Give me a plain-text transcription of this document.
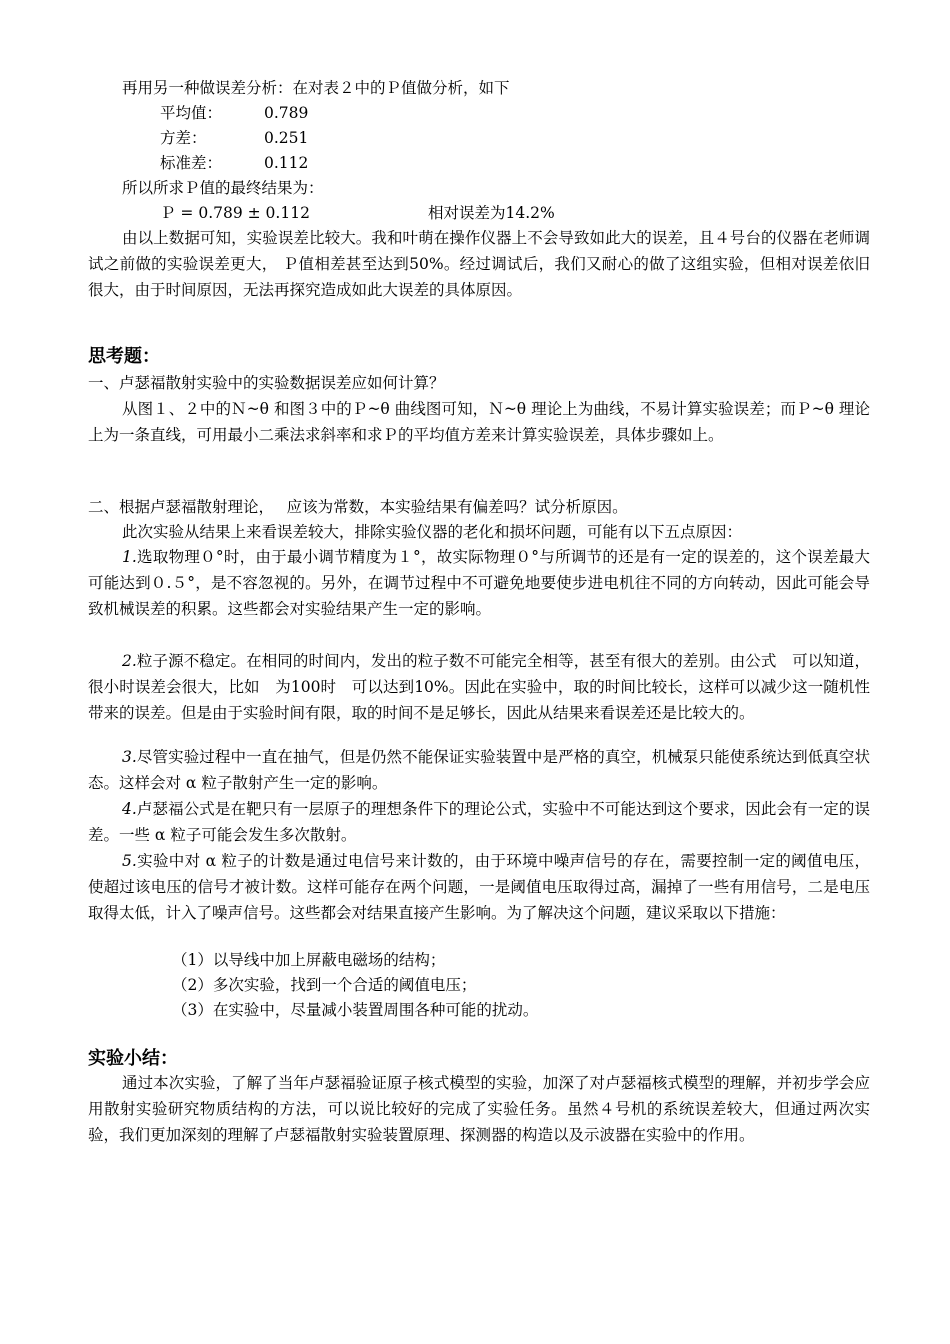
再用另一种做误差分析：在对表２中的Ｐ值做分析，如下
平均值：	0.789
方差：	0.251
标准差：	0.112
所以所求Ｐ值的最终结果为：
Ｐ = 0.789 ± 0.112	相对误差为14.2%
由以上数据可知，实验误差比较大。我和叶萌在操作仪器上不会导致如此大的误差，且４号台的仪器在老师调试之前做的实验误差更大， Ｐ值相差甚至达到50%。经过调试后，我们又耐心的做了这组实验，但相对误差依旧很大，由于时间原因，无法再探究造成如此大误差的具体原因。
思考题：
一、卢瑟福散射实验中的实验数据误差应如何计算？
从图１、２中的Ｎ~θ 和图３中的Ｐ~θ 曲线图可知，Ｎ~θ 理论上为曲线，不易计算实验误差；而Ｐ~θ 理论上为一条直线，可用最小二乘法求斜率和求Ｐ的平均值方差来计算实验误差，具体步骤如上。
二、根据卢瑟福散射理论，　 应该为常数，本实验结果有偏差吗？试分析原因。
此次实验从结果上来看误差较大，排除实验仪器的老化和损坏问题，可能有以下五点原因：
1.选取物理０°时，由于最小调节精度为１°，故实际物理０°与所调节的还是有一定的误差的，这个误差最大可能达到０.５°，是不容忽视的。另外，在调节过程中不可避免地要使步进电机往不同的方向转动，因此可能会导致机械误差的积累。这些都会对实验结果产生一定的影响。
2.粒子源不稳定。在相同的时间内，发出的粒子数不可能完全相等，甚至有很大的差别。由公式　可以知道，很小时误差会很大，比如　为100时　可以达到10%。因此在实验中，取的时间比较长，这样可以减少这一随机性带来的误差。但是由于实验时间有限，取的时间不是足够长，因此从结果来看误差还是比较大的。
3.尽管实验过程中一直在抽气，但是仍然不能保证实验装置中是严格的真空，机械泵只能使系统达到低真空状态。这样会对 α 粒子散射产生一定的影响。
4.卢瑟福公式是在靶只有一层原子的理想条件下的理论公式，实验中不可能达到这个要求，因此会有一定的误差。一些 α 粒子可能会发生多次散射。
5.实验中对 α 粒子的计数是通过电信号来计数的，由于环境中噪声信号的存在，需要控制一定的阈值电压，使超过该电压的信号才被计数。这样可能存在两个问题，一是阈值电压取得过高，漏掉了一些有用信号，二是电压取得太低，计入了噪声信号。这些都会对结果直接产生影响。为了解决这个问题，建议采取以下措施：
（1）以导线中加上屏蔽电磁场的结构；
（2）多次实验，找到一个合适的阈值电压；
（3）在实验中，尽量减小装置周围各种可能的扰动。
实验小结：
通过本次实验，了解了当年卢瑟福验证原子核式模型的实验，加深了对卢瑟福核式模型的理解，并初步学会应用散射实验研究物质结构的方法，可以说比较好的完成了实验任务。虽然４号机的系统误差较大，但通过两次实验，我们更加深刻的理解了卢瑟福散射实验装置原理、探测器的构造以及示波器在实验中的作用。
